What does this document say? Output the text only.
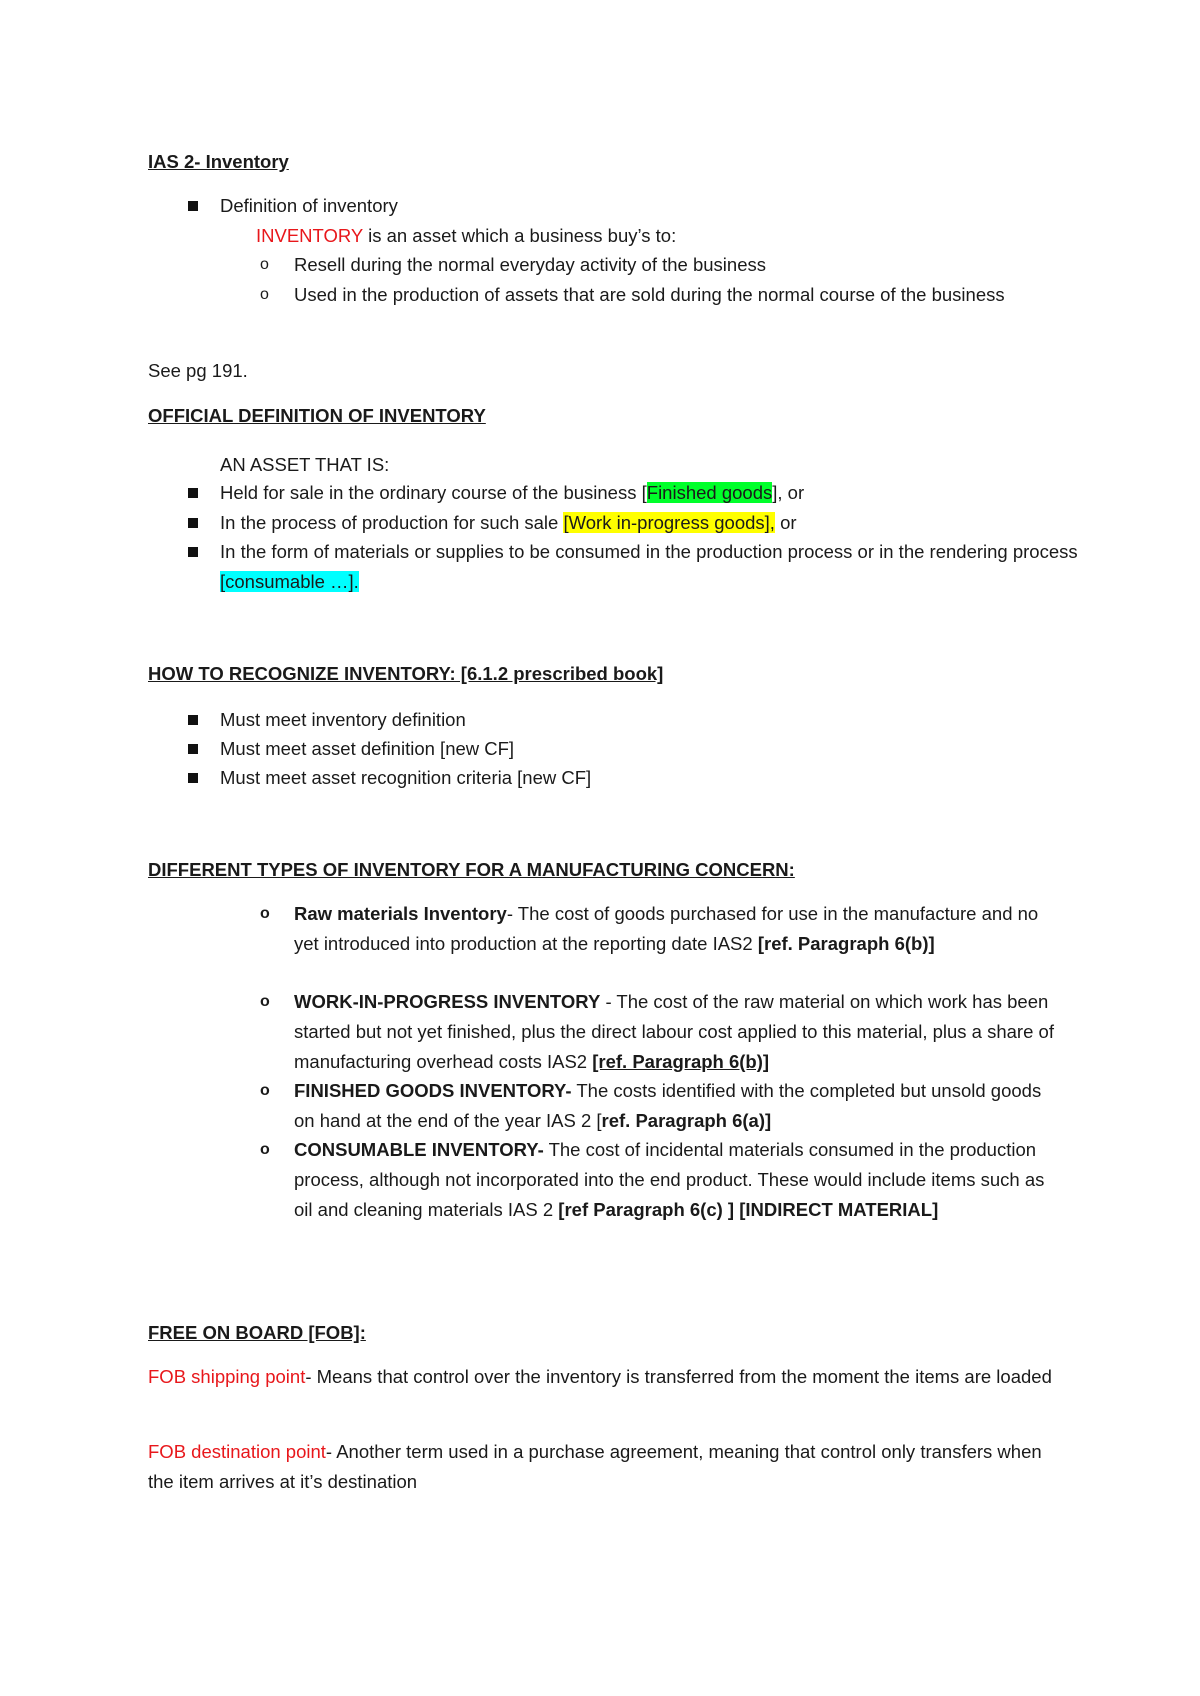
IAS 2- Inventory

Definition of inventory
INVENTORY is an asset which a business buy’s to:
o Resell during the normal everyday activity of the business
o Used in the production of assets that are sold during the normal course of the business

See pg 191.

OFFICIAL DEFINITION OF INVENTORY

AN ASSET THAT IS:

Held for sale in the ordinary course of the business [Finished goods], or
In the process of production for such sale [Work in-progress goods], or
In the form of materials or supplies to be consumed in the production process or in the rendering process [consumable …].

HOW TO RECOGNIZE INVENTORY: [6.1.2 prescribed book]

Must meet inventory definition
Must meet asset definition [new CF]
Must meet asset recognition criteria [new CF]

DIFFERENT TYPES OF INVENTORY FOR A MANUFACTURING CONCERN:

o Raw materials Inventory- The cost of goods purchased for use in the manufacture and no yet introduced into production at the reporting date IAS2 [ref. Paragraph 6(b)]
o WORK-IN-PROGRESS INVENTORY - The cost of the raw material on which work has been started but not yet finished, plus the direct labour cost applied to this material, plus a share of manufacturing overhead costs IAS2 [ref. Paragraph 6(b)]
o FINISHED GOODS INVENTORY- The costs identified with the completed but unsold goods on hand at the end of the year IAS 2 [ref. Paragraph 6(a)]
o CONSUMABLE INVENTORY- The cost of incidental materials consumed in the production process, although not incorporated into the end product. These would include items such as oil and cleaning materials IAS 2 [ref Paragraph 6(c) ] [INDIRECT MATERIAL]

FREE ON BOARD [FOB]:

FOB shipping point- Means that control over the inventory is transferred from the moment the items are loaded

FOB destination point- Another term used in a purchase agreement, meaning that control only transfers when the item arrives at it’s destination
